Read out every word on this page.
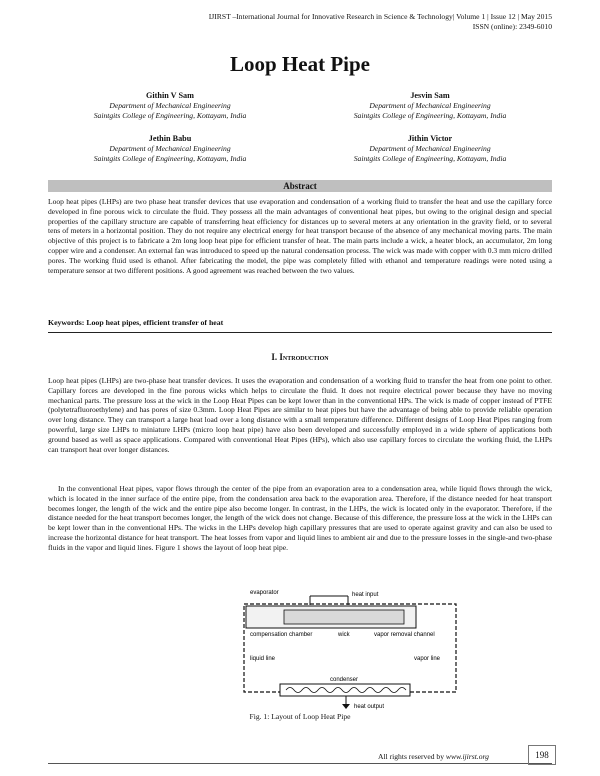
IJIRST –International Journal for Innovative Research in Science & Technology| Volume 1 | Issue 12 | May 2015
ISSN (online): 2349-6010
Loop Heat Pipe
Githin V Sam
Department of Mechanical Engineering
Saintgits College of Engineering, Kottayam, India
Jesvin Sam
Department of Mechanical Engineering
Saintgits College of Engineering, Kottayam, India
Jethin Babu
Department of Mechanical Engineering
Saintgits College of Engineering, Kottayam, India
Jithin Victor
Department of Mechanical Engineering
Saintgits College of Engineering, Kottayam, India
Abstract
Loop heat pipes (LHPs) are two phase heat transfer devices that use evaporation and condensation of a working fluid to transfer the heat and use the capillary force developed in fine porous wick to circulate the fluid. They possess all the main advantages of conventional heat pipes, but owing to the original design and special properties of the capillary structure are capable of transferring heat efficiency for distances up to several meters at any orientation in the gravity field, or to several tens of meters in a horizontal position. They do not require any electrical energy for heat transport because of the absence of any mechanical moving parts. The main objective of this project is to fabricate a 2m long loop heat pipe for efficient transfer of heat. The main parts include a wick, a heater block, an accumulator, 2m long copper wire and a condenser. An external fan was introduced to speed up the natural condensation process. The wick was made with copper with 0.3 mm micro drilled pores. The working fluid used is ethanol. After fabricating the model, the pipe was completely filled with ethanol and temperature readings were noted using a temperature sensor at two different positions. A good agreement was reached between the two values.
Keywords: Loop heat pipes, efficient transfer of heat
I. Introduction
Loop heat pipes (LHPs) are two-phase heat transfer devices. It uses the evaporation and condensation of a working fluid to transfer the heat from one point to other. Capillary forces are developed in the fine porous wicks which helps to circulate the fluid. It does not require electrical power because they have no moving mechanical parts. The pressure loss at the wick in the Loop Heat Pipes can be kept lower than in the conventional HPs. The wick is made of copper instead of PTFE (polytetrafluoroethylene) and has pores of size 0.3mm. Loop Heat Pipes are similar to heat pipes but have the advantage of being able to provide reliable operation over long distance. They can transport a large heat load over a long distance with a small temperature difference. Different designs of Loop Heat Pipes ranging from powerful, large size LHPs to miniature LHPs (micro loop heat pipe) have also been developed and successfully employed in a wide sphere of applications both ground based as well as space applications. Compared with conventional Heat Pipes (HPs), which also use capillary forces to circulate the working fluid, the LHPs can transport heat over longer distances.
In the conventional Heat pipes, vapor flows through the center of the pipe from an evaporation area to a condensation area, while liquid flows through the wick, which is located in the inner surface of the entire pipe, from the condensation area back to the evaporation area. Therefore, if the distance needed for heat transport becomes longer, the length of the wick and the entire pipe also become longer. In contrast, in the LHPs, the wick is located only in the evaporator. Therefore, if the distance needed for the heat transport becomes longer, the length of the wick does not change. Because of this difference, the pressure loss at the wick in the LHPs can be kept lower than in the conventional HPs. The wicks in the LHPs develop high capillary pressures that are used to operate against gravity and can also be used to increase the horizontal distance for heat transport. The heat losses from vapor and liquid lines to ambient air and due to the pressure losses in the single-and two-phase fluids in the vapor and liquid lines. Figure 1 shows the layout of loop heat pipe.
evaporator	heat input
compensation chamber	wick	vapor removal channel
liquid line	vapor line
condenser
heat output
Fig. 1: Layout of Loop Heat Pipe
All rights reserved by www.ijirst.org	198
